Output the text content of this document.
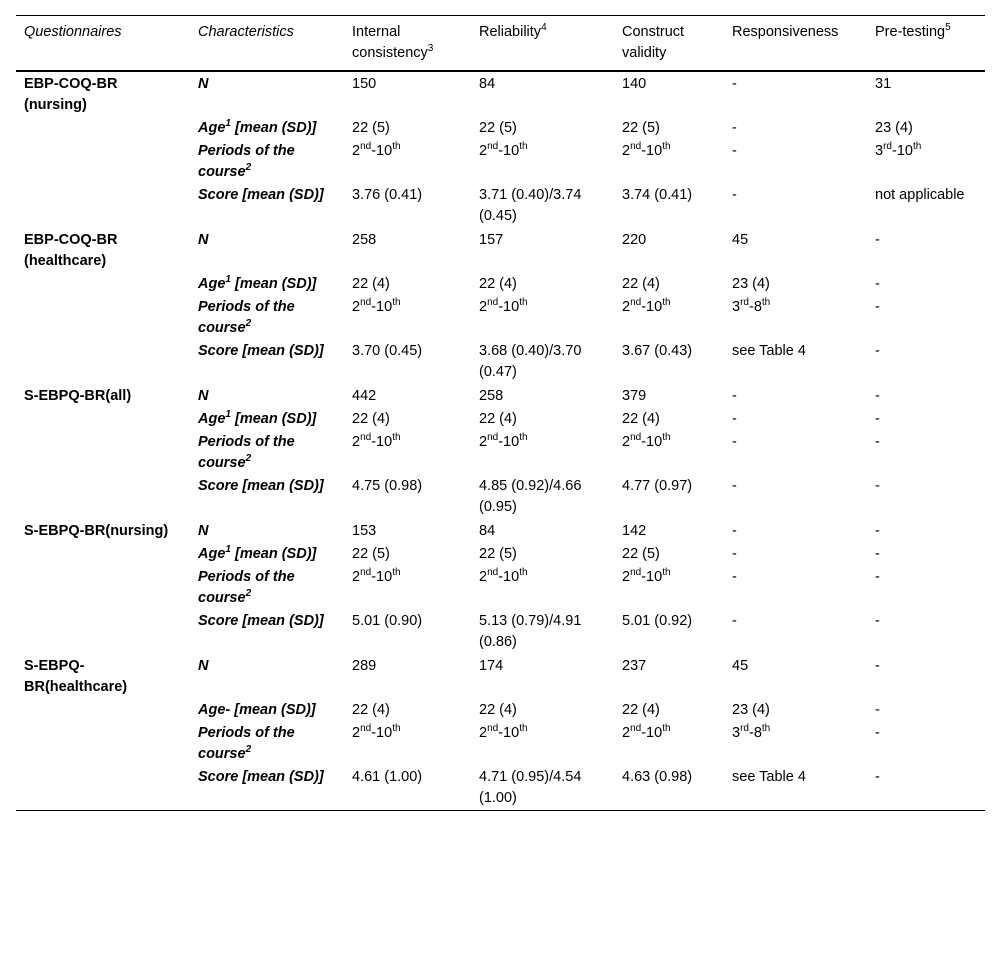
Questionnaires	Characteristics	Internal consistency$^3$	Reliability$^4$	Construct validity	Responsiveness	Pre-testing$^5$
EBP-COQ-BR (nursing)	N	150	84	140	-	31
	Age$^1$ [mean (SD)]	22 (5)	22 (5)	22 (5)	-	23 (4)
	Periods of the course$^2$	2nd-10th	2nd-10th	2nd-10th	-	3rd-10th
	Score [mean (SD)]	3.76 (0.41)	3.71 (0.40)/3.74 (0.45)	3.74 (0.41)	-	not applicable
EBP-COQ-BR (healthcare)	N	258	157	220	45	-
	Age$^1$ [mean (SD)]	22 (4)	22 (4)	22 (4)	23 (4)	-
	Periods of the course$^2$	2nd-10th	2nd-10th	2nd-10th	3rd-8th	-
	Score [mean (SD)]	3.70 (0.45)	3.68 (0.40)/3.70 (0.47)	3.67 (0.43)	see Table 4	-
S-EBPQ-BR(all)	N	442	258	379	-	-
	Age$^1$ [mean (SD)]	22 (4)	22 (4)	22 (4)	-	-
	Periods of the course$^2$	2nd-10th	2nd-10th	2nd-10th	-	-
	Score [mean (SD)]	4.75 (0.98)	4.85 (0.92)/4.66 (0.95)	4.77 (0.97)	-	-
S-EBPQ-BR(nursing)	N	153	84	142	-	-
	Age$^1$ [mean (SD)]	22 (5)	22 (5)	22 (5)	-	-
	Periods of the course$^2$	2nd-10th	2nd-10th	2nd-10th	-	-
	Score [mean (SD)]	5.01 (0.90)	5.13 (0.79)/4.91 (0.86)	5.01 (0.92)	-	-
S-EBPQ-BR(healthcare)	N	289	174	237	45	-
	Age- [mean (SD)]	22 (4)	22 (4)	22 (4)	23 (4)	-
	Periods of the course$^2$	2nd-10th	2nd-10th	2nd-10th	3rd-8th	-
	Score [mean (SD)]	4.61 (1.00)	4.71 (0.95)/4.54 (1.00)	4.63 (0.98)	see Table 4	-
